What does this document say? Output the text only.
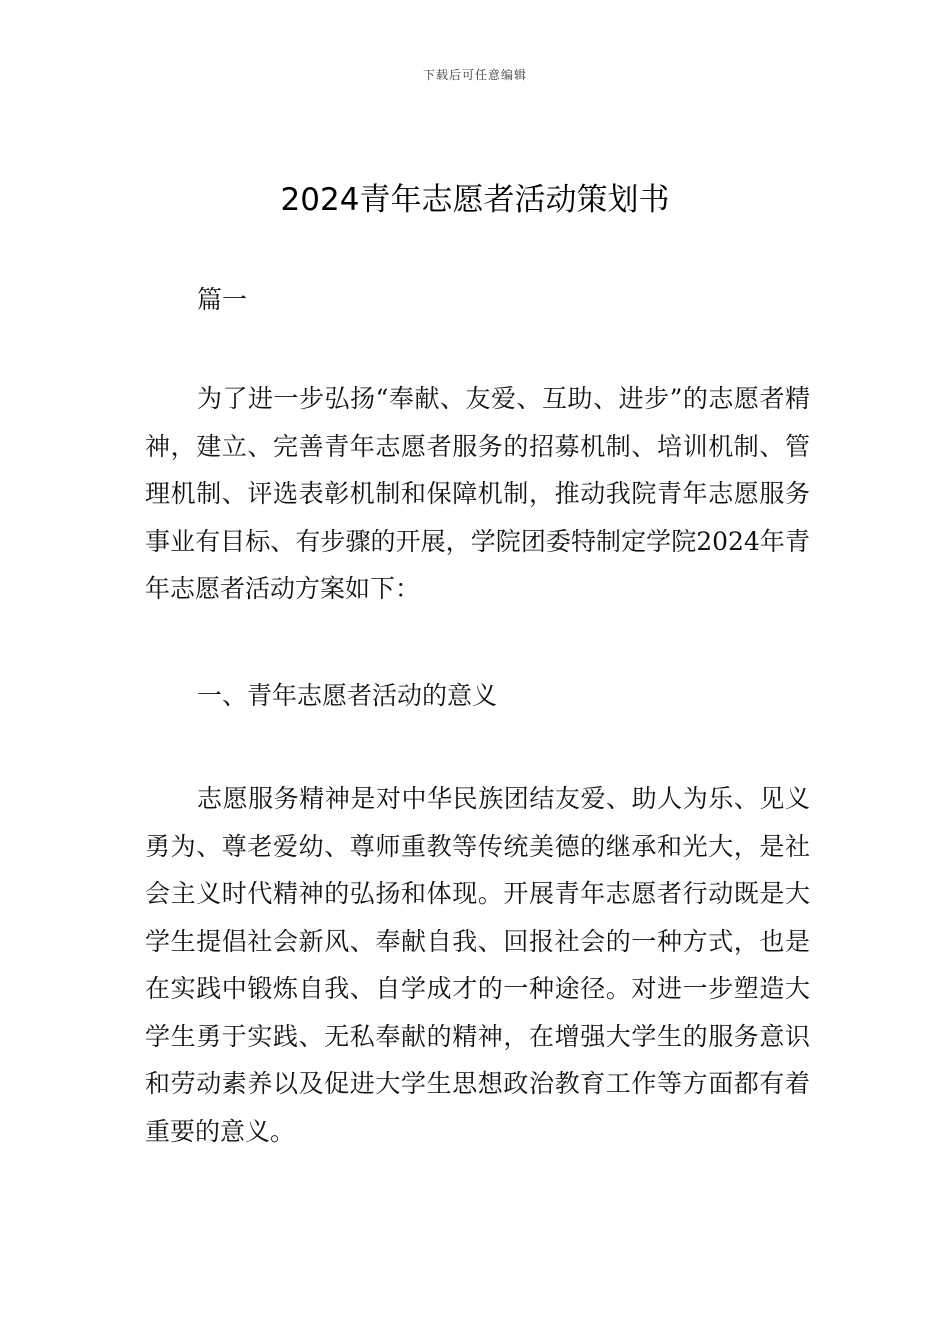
下载后可任意编辑
2024青年志愿者活动策划书

篇一

为了进一步弘扬“奉献、友爱、互助、进步”的志愿者精神，建立、完善青年志愿者服务的招募机制、培训机制、管理机制、评选表彰机制和保障机制，推动我院青年志愿服务事业有目标、有步骤的开展，学院团委特制定学院2024年青年志愿者活动方案如下：

一、青年志愿者活动的意义

志愿服务精神是对中华民族团结友爱、助人为乐、见义勇为、尊老爱幼、尊师重教等传统美德的继承和光大，是社会主义时代精神的弘扬和体现。开展青年志愿者行动既是大学生提倡社会新风、奉献自我、回报社会的一种方式，也是在实践中锻炼自我、自学成才的一种途径。对进一步塑造大学生勇于实践、无私奉献的精神，在增强大学生的服务意识和劳动素养以及促进大学生思想政治教育工作等方面都有着重要的意义。
